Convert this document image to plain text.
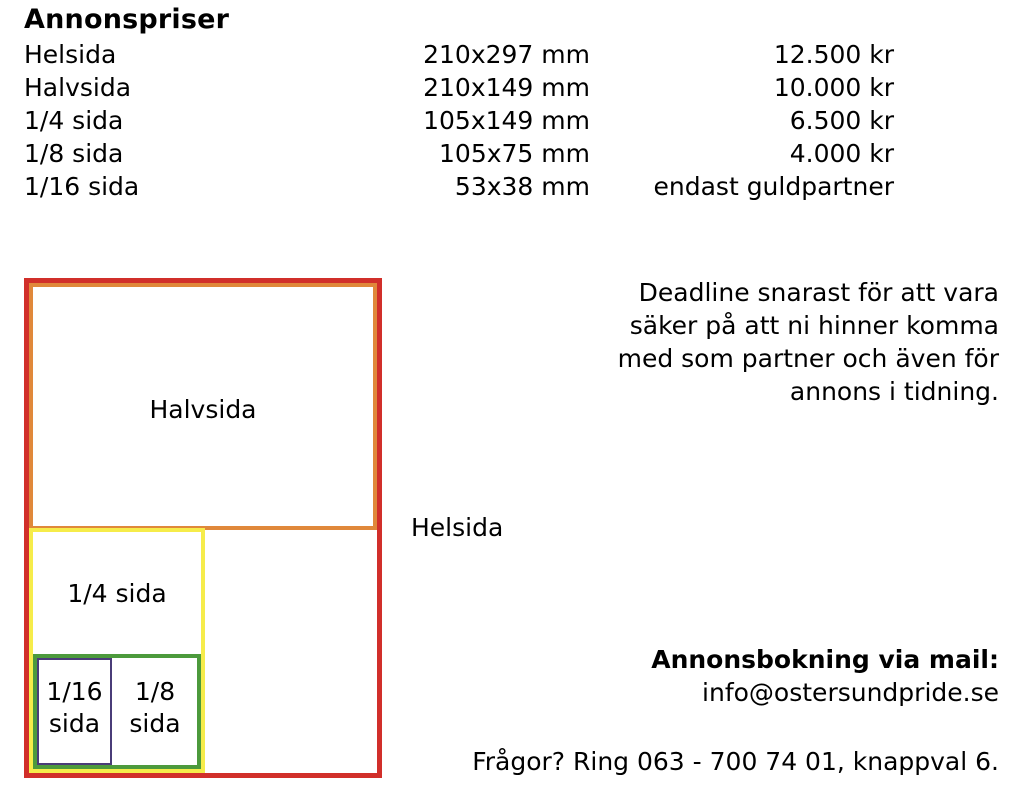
Annonspriser
Helsida	210x297 mm	12.500 kr
Halvsida	210x149 mm	10.000 kr
1/4 sida	105x149 mm	6.500 kr
1/8 sida	105x75 mm	4.000 kr
1/16 sida	53x38 mm	endast guldpartner
Halvsida
1/4 sida
1/8
sida
1/16
sida
Helsida
Deadline snarast för att vara säker på att ni hinner komma med som partner och även för annons i tidning.
Annonsbokning via mail:
info@ostersundpride.se
Frågor? Ring 063 - 700 74 01, knappval 6.
